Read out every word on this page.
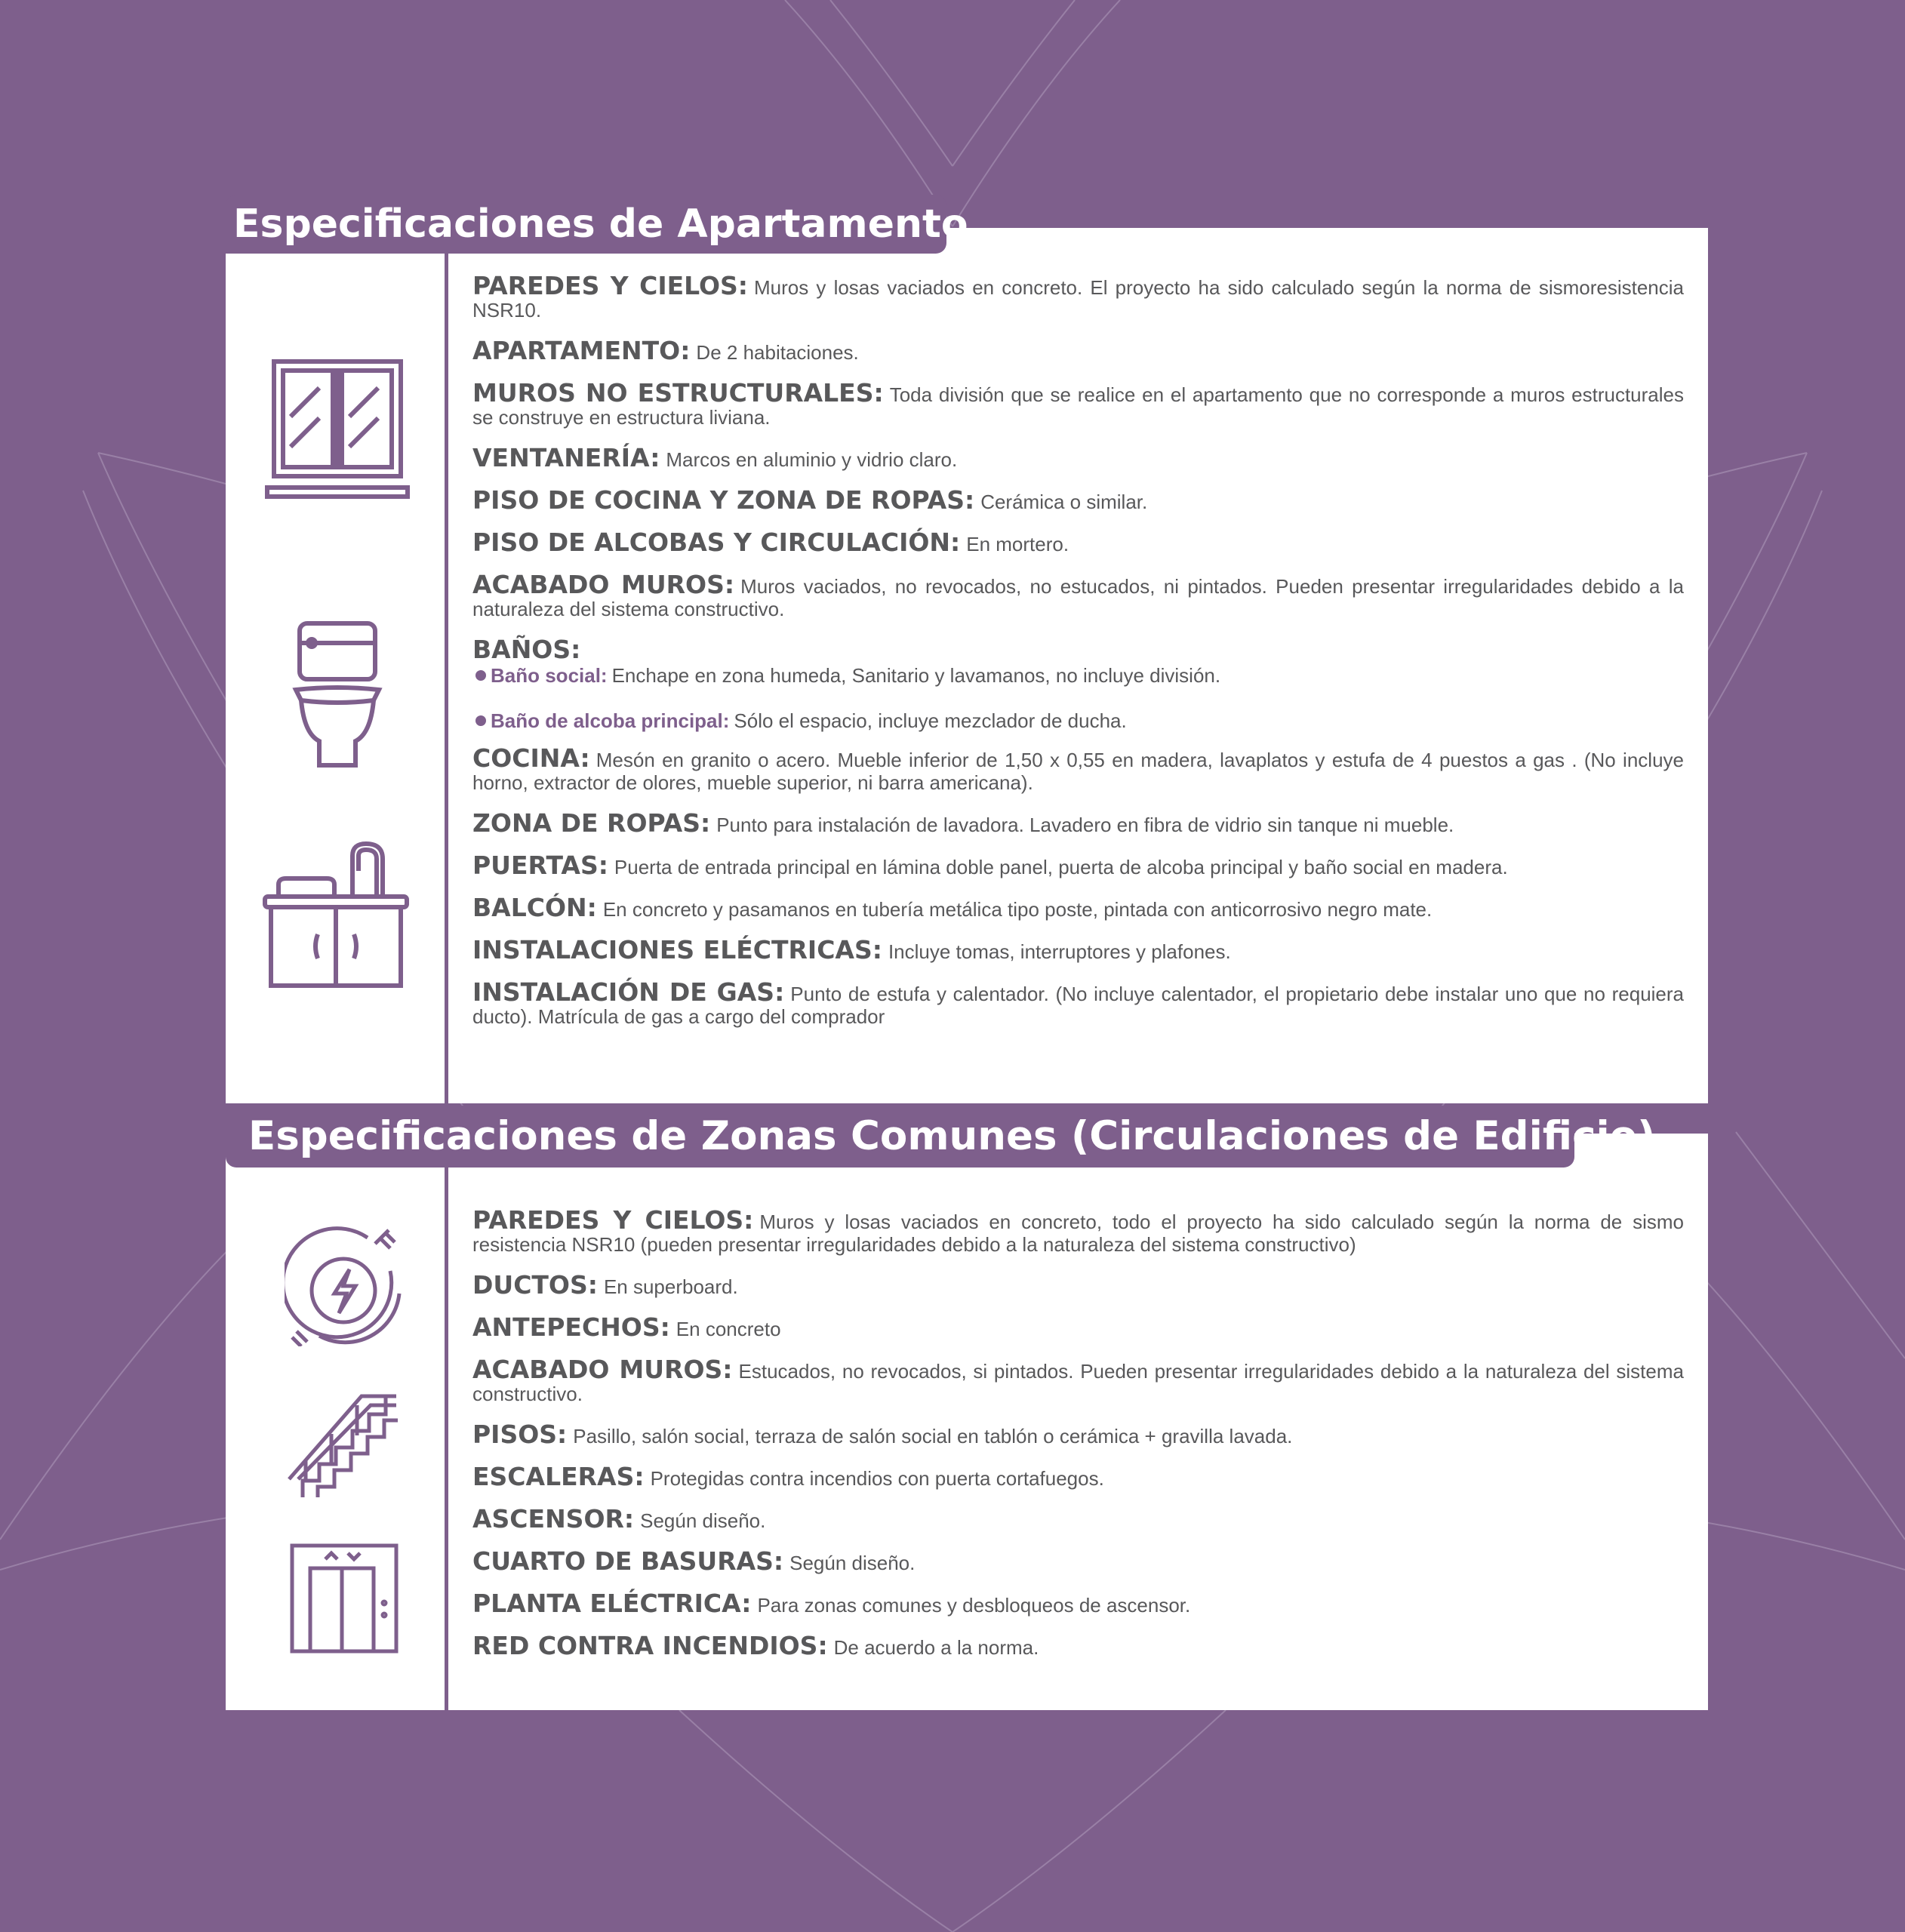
PAREDES Y CIELOS: Muros y losas vaciados en concreto. El proyecto ha sido calculado según la norma de sismoresistencia NSR10.
APARTAMENTO: De 2 habitaciones.
MUROS NO ESTRUCTURALES: Toda división que se realice en el apartamento que no corresponde a muros estructurales se construye en estructura liviana.
VENTANERÍA: Marcos en aluminio y vidrio claro.
PISO DE COCINA Y ZONA DE ROPAS: Cerámica o similar.
PISO DE ALCOBAS Y CIRCULACIÓN: En mortero.
ACABADO MUROS: Muros vaciados, no revocados, no estucados, ni pintados. Pueden presentar irregularidades debido a la naturaleza del sistema constructivo.
BAÑOS:
Baño social: Enchape en zona humeda, Sanitario y lavamanos, no incluye división.
Baño de alcoba principal: Sólo el espacio, incluye mezclador de ducha.
COCINA: Mesón en granito o acero. Mueble inferior de 1,50 x 0,55 en madera, lavaplatos y estufa de 4 puestos a gas . (No incluye horno, extractor de olores, mueble superior, ni barra americana).
ZONA DE ROPAS: Punto para instalación de lavadora. Lavadero en fibra de vidrio sin tanque ni mueble.
PUERTAS: Puerta de entrada principal en lámina doble panel, puerta de alcoba principal y baño social en madera.
BALCÓN: En concreto y pasamanos en tubería metálica tipo poste, pintada con anticorrosivo negro mate.
INSTALACIONES ELÉCTRICAS: Incluye tomas, interruptores y plafones.
INSTALACIÓN DE GAS: Punto de estufa y calentador. (No incluye calentador, el propietario debe instalar uno que no requiera ducto). Matrícula de gas a cargo del comprador
Especificaciones de Apartamento
PAREDES Y CIELOS: Muros y losas vaciados en concreto, todo el proyecto ha sido calculado según la norma de sismo resistencia NSR10 (pueden presentar irregularidades debido a la naturaleza del sistema constructivo)
DUCTOS: En superboard.
ANTEPECHOS: En concreto
ACABADO MUROS: Estucados, no revocados, si pintados. Pueden presentar irregularidades debido a la naturaleza del sistema constructivo.
PISOS: Pasillo, salón social, terraza de salón social en tablón o cerámica + gravilla lavada.
ESCALERAS: Protegidas contra incendios con puerta cortafuegos.
ASCENSOR: Según diseño.
CUARTO DE BASURAS: Según diseño.
PLANTA ELÉCTRICA: Para zonas comunes y desbloqueos de ascensor.
RED CONTRA INCENDIOS: De acuerdo a la norma.
Especificaciones de Zonas Comunes (Circulaciones de Edificio)
